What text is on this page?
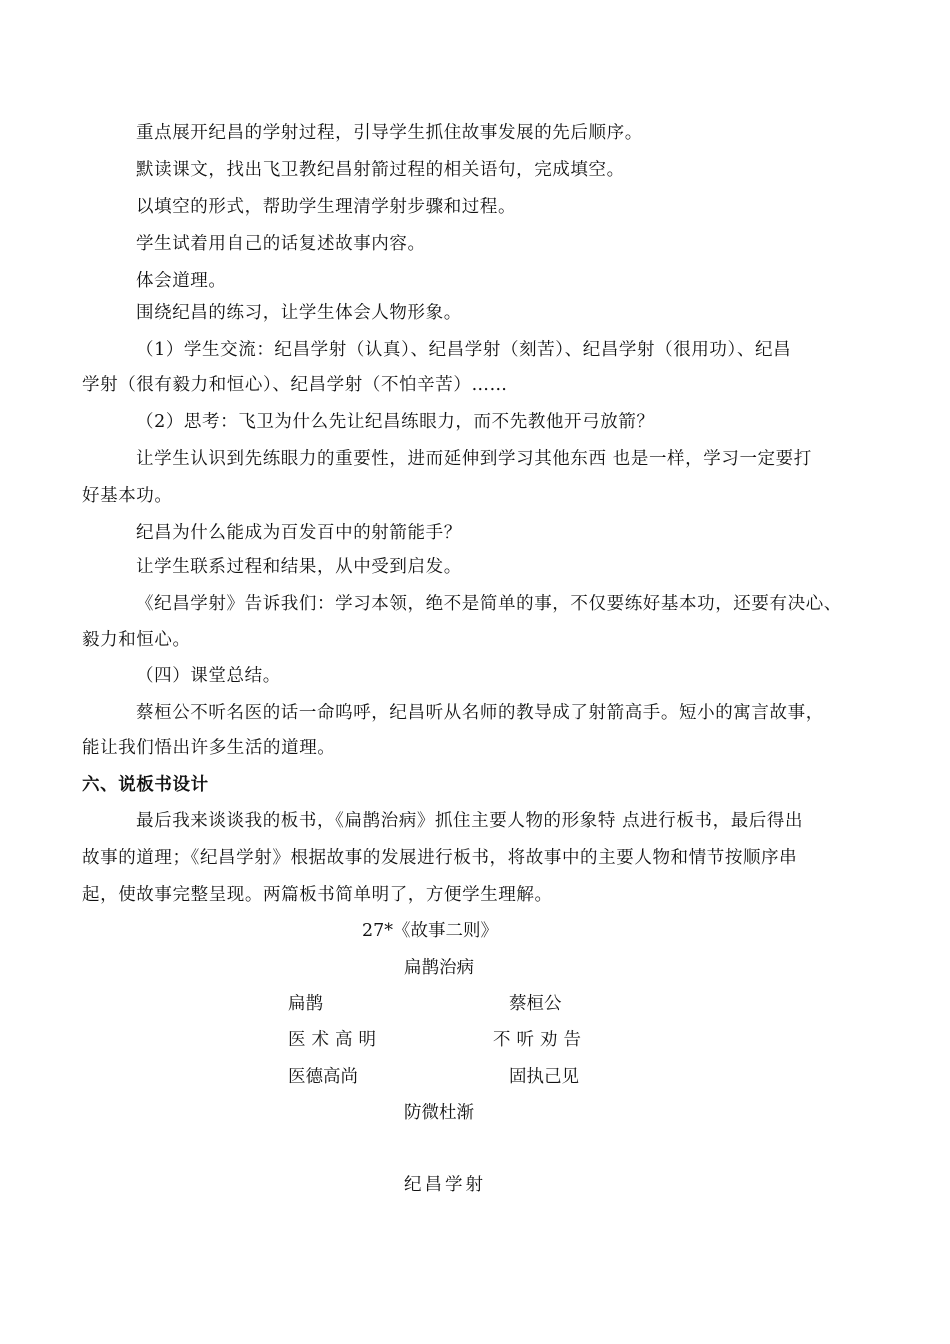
重点展开纪昌的学射过程，引导学生抓住故事发展的先后顺序。
默读课文，找出飞卫教纪昌射箭过程的相关语句，完成填空。
以填空的形式，帮助学生理清学射步骤和过程。
学生试着用自己的话复述故事内容。
体会道理。
围绕纪昌的练习，让学生体会人物形象。
（1）学生交流：纪昌学射（认真）、纪昌学射（刻苦）、纪昌学射（很用功）、纪昌
学射（很有毅力和恒心）、纪昌学射（不怕辛苦）……
（2）思考：飞卫为什么先让纪昌练眼力，而不先教他开弓放箭？
让学生认识到先练眼力的重要性，进而延伸到学习其他东西 也是一样，学习一定要打
好基本功。
纪昌为什么能成为百发百中的射箭能手？
让学生联系过程和结果，从中受到启发。
《纪昌学射》告诉我们：学习本领，绝不是简单的事，不仅要练好基本功，还要有决心、
毅力和恒心。
（四）课堂总结。
蔡桓公不听名医的话一命呜呼，纪昌听从名师的教导成了射箭高手。短小的寓言故事，
能让我们悟出许多生活的道理。
六、说板书设计
最后我来谈谈我的板书，《扁鹊治病》抓住主要人物的形象特 点进行板书，最后得出
故事的道理；《纪昌学射》根据故事的发展进行板书，将故事中的主要人物和情节按顺序串
起，使故事完整呈现。两篇板书简单明了，方便学生理解。
27*《故事二则》
扁鹊治病
扁鹊	蔡桓公
医术高明	不听劝告
医德高尚	固执己见
防微杜渐
纪昌学射
